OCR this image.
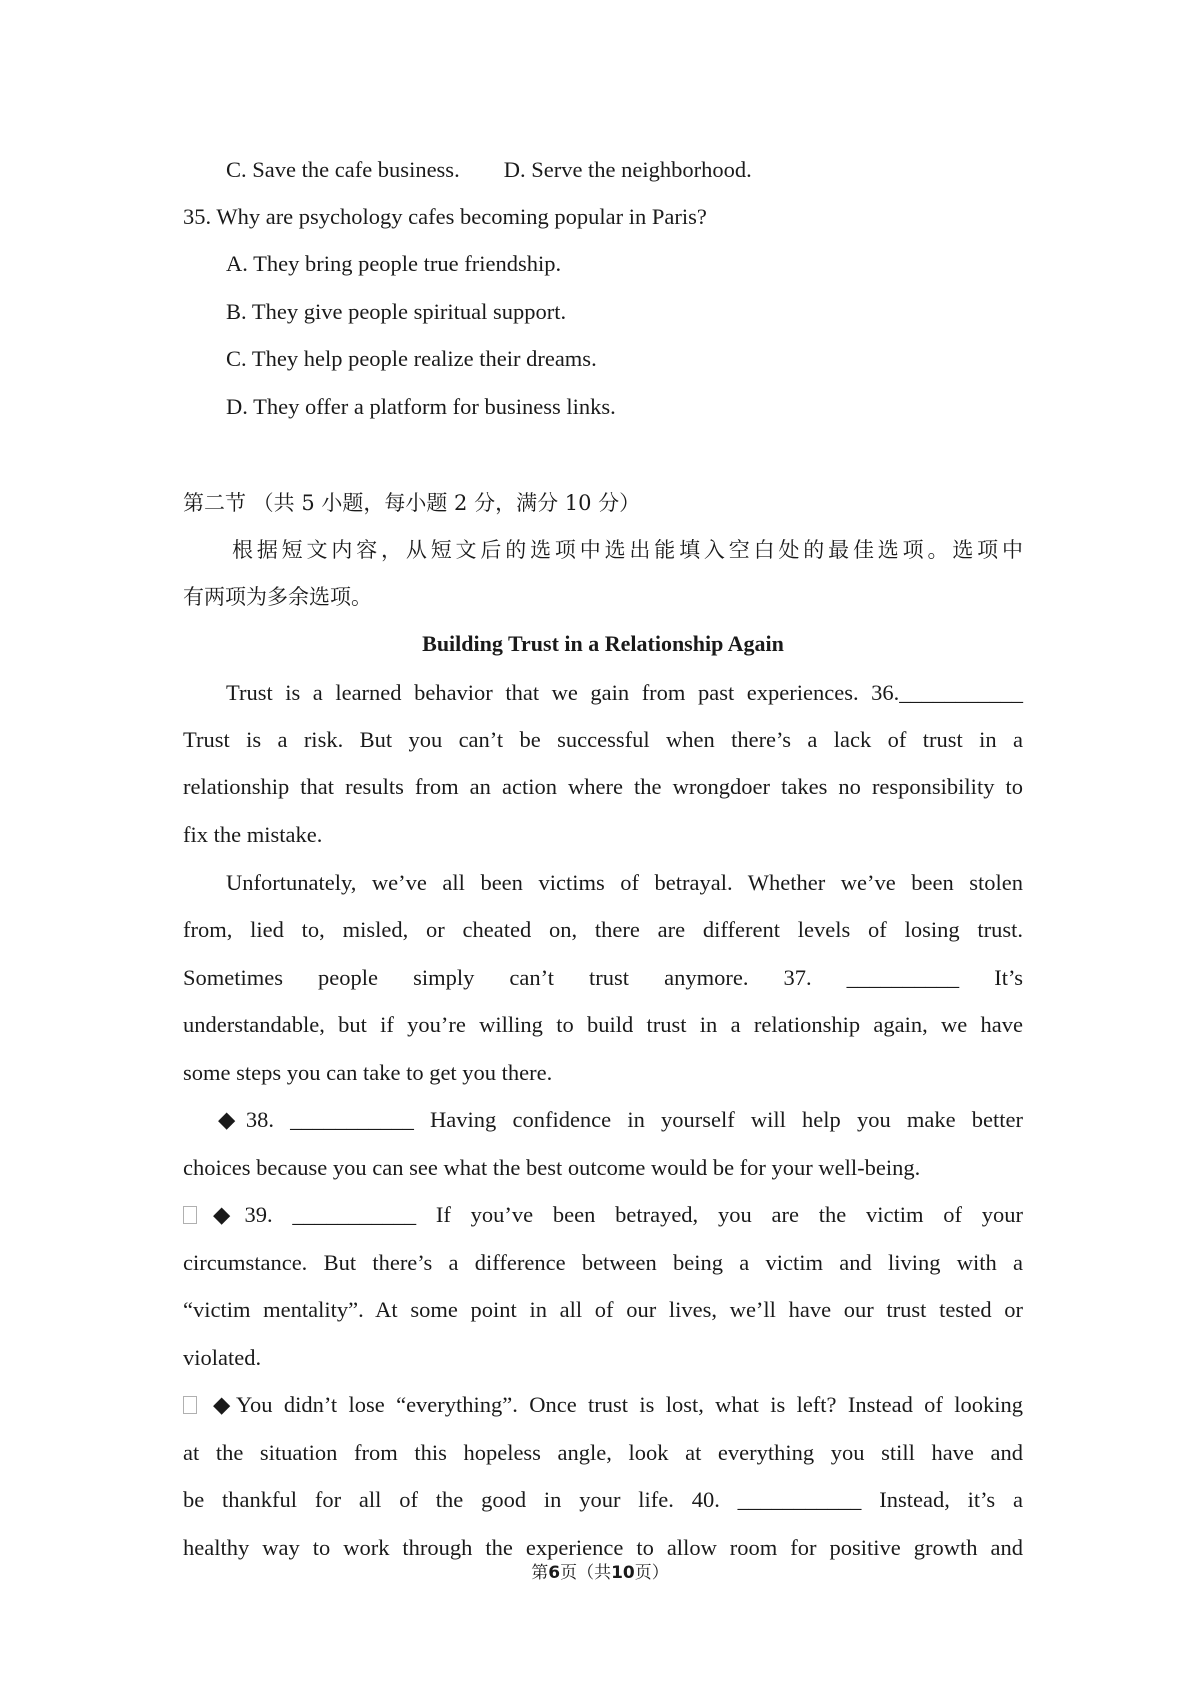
C. Save the cafe business. D. Serve the neighborhood.
35. Why are psychology cafes becoming popular in Paris?
A. They bring people true friendship.
B. They give people spiritual support.
C. They help people realize their dreams.
D. They offer a platform for business links.
第二节 （共 5 小题，每小题 2 分，满分 10 分）
根据短文内容，从短文后的选项中选出能填入空白处的最佳选项。选项中
有两项为多余选项。
Building Trust in a Relationship Again
Trust is a learned behavior that we gain from past experiences. 36.___________
Trust is a risk. But you can’t be successful when there’s a lack of trust in a
relationship that results from an action where the wrongdoer takes no responsibility to
fix the mistake.
Unfortunately, we’ve all been victims of betrayal. Whether we’ve been stolen
from, lied to, misled, or cheated on, there are different levels of losing trust.
Sometimes people simply can’t trust anymore. 37. __________ It’s
understandable, but if you’re willing to build trust in a relationship again, we have
some steps you can take to get you there.
◆38. ___________ Having confidence in yourself will help you make better
choices because you can see what the best outcome would be for your well-being.
◆39. ___________ If you’ve been betrayed, you are the victim of your
circumstance. But there’s a difference between being a victim and living with a
“victim mentality”. At some point in all of our lives, we’ll have our trust tested or
violated.
◆You didn’t lose “everything”. Once trust is lost, what is left? Instead of looking
at the situation from this hopeless angle, look at everything you still have and
be thankful for all of the good in your life. 40. ___________ Instead, it’s a
healthy way to work through the experience to allow room for positive growth and
第6页（共10页）
